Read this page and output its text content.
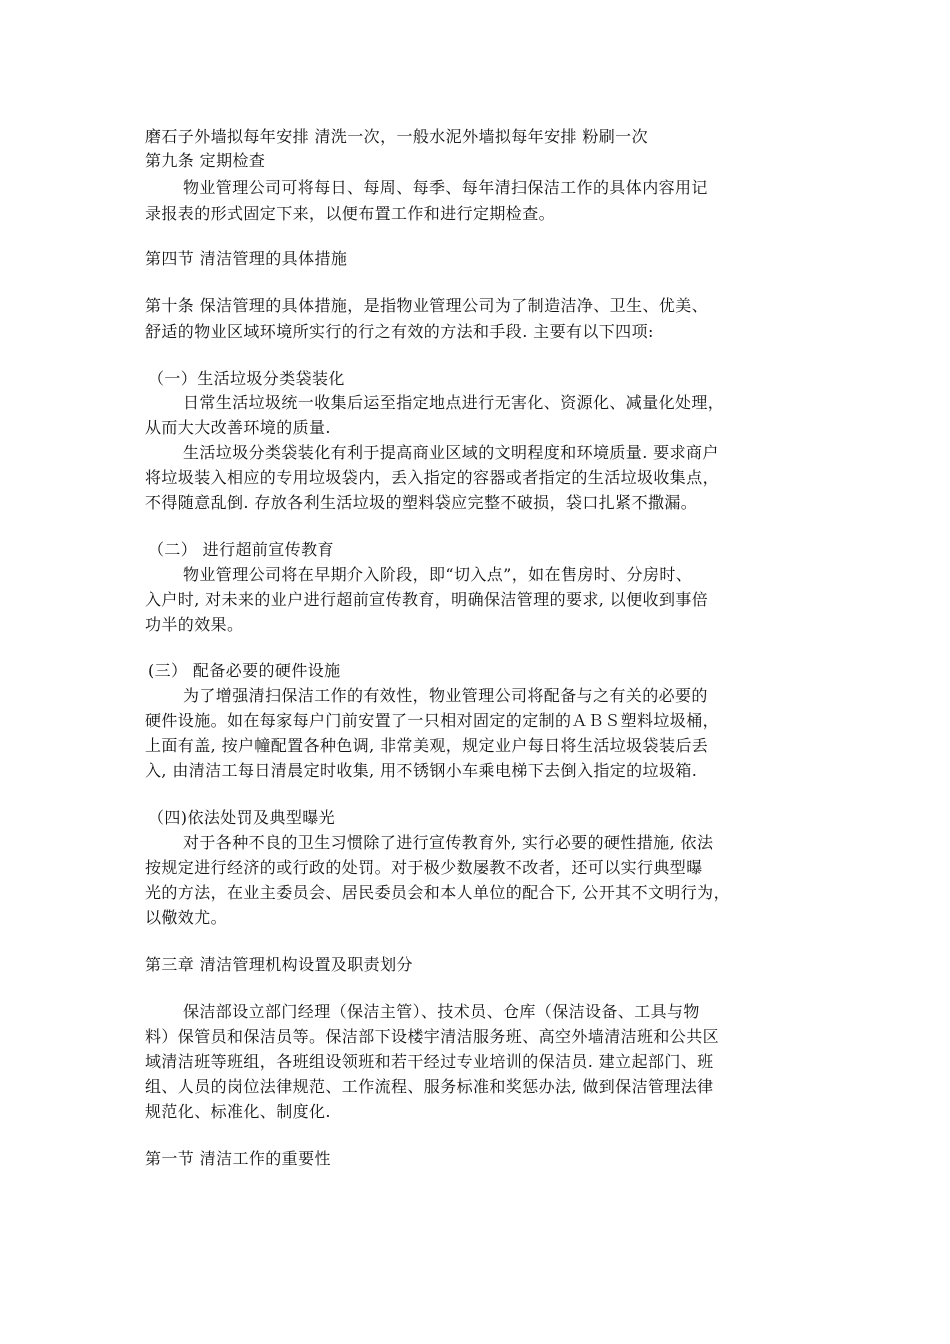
磨石子外墙拟每年安排 清洗一次，一般水泥外墙拟每年安排 粉刷一次
第九条 定期检查
物业管理公司可将每日、每周、每季、每年清扫保洁工作的具体内容用记
录报表的形式固定下来，以便布置工作和进行定期检查。
第四节 清洁管理的具体措施
第十条 保洁管理的具体措施，是指物业管理公司为了制造洁净、卫生、优美、
舒适的物业区域环境所实行的行之有效的方法和手段. 主要有以下四项:
（一）生活垃圾分类袋装化
日常生活垃圾统一收集后运至指定地点进行无害化、资源化、减量化处理，
从而大大改善环境的质量.
生活垃圾分类袋装化有利于提高商业区域的文明程度和环境质量. 要求商户
将垃圾装入相应的专用垃圾袋内，丢入指定的容器或者指定的生活垃圾收集点，
不得随意乱倒. 存放各利生活垃圾的塑料袋应完整不破损，袋口扎紧不撒漏。
（二） 进行超前宣传教育
物业管理公司将在早期介入阶段，即“切入点”，如在售房时、分房时、
入户时, 对未来的业户进行超前宣传教育，明确保洁管理的要求, 以便收到事倍
功半的效果。
(三） 配备必要的硬件设施
为了增强清扫保洁工作的有效性，物业管理公司将配备与之有关的必要的
硬件设施。如在每家每户门前安置了一只相对固定的定制的ＡＢＳ塑料垃圾桶，
上面有盖, 按户幢配置各种色调, 非常美观，规定业户每日将生活垃圾袋装后丢
入, 由清洁工每日清晨定时收集, 用不锈钢小车乘电梯下去倒入指定的垃圾箱.
（四)依法处罚及典型曝光
对于各种不良的卫生习惯除了进行宣传教育外, 实行必要的硬性措施, 依法
按规定进行经济的或行政的处罚。对于极少数屡教不改者，还可以实行典型曝
光的方法，在业主委员会、居民委员会和本人单位的配合下, 公开其不文明行为，
以儆效尤。
第三章 清洁管理机构设置及职责划分
保洁部设立部门经理（保洁主管）、技术员、仓库（保洁设备、工具与物
料）保管员和保洁员等。保洁部下设楼宇清洁服务班、高空外墙清洁班和公共区
域清洁班等班组，各班组设领班和若干经过专业培训的保洁员. 建立起部门、班
组、人员的岗位法律规范、工作流程、服务标准和奖惩办法, 做到保洁管理法律
规范化、标准化、制度化.
第一节 清洁工作的重要性
